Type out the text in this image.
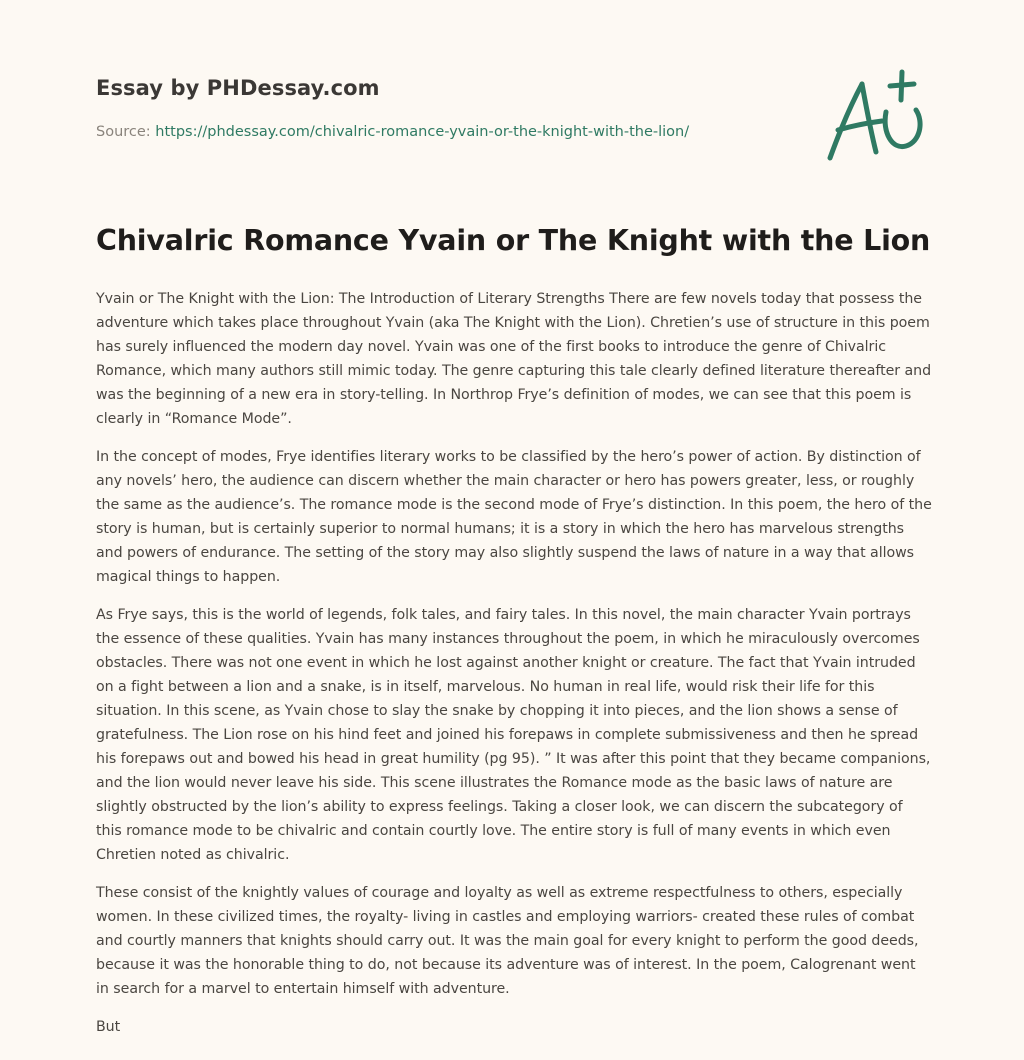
Essay by PHDessay.com
Source: https://phdessay.com/chivalric-romance-yvain-or-the-knight-with-the-lion/
Chivalric Romance Yvain or The Knight with the Lion

Yvain or The Knight with the Lion: The Introduction of Literary Strengths There are few novels today that possess the adventure which takes place throughout Yvain (aka The Knight with the Lion). Chretien’s use of structure in this poem has surely influenced the modern day novel. Yvain was one of the first books to introduce the genre of Chivalric Romance, which many authors still mimic today. The genre capturing this tale clearly defined literature thereafter and was the beginning of a new era in story-telling. In Northrop Frye’s definition of modes, we can see that this poem is clearly in “Romance Mode”.

In the concept of modes, Frye identifies literary works to be classified by the hero’s power of action. By distinction of any novels’ hero, the audience can discern whether the main character or hero has powers greater, less, or roughly the same as the audience’s. The romance mode is the second mode of Frye’s distinction. In this poem, the hero of the story is human, but is certainly superior to normal humans; it is a story in which the hero has marvelous strengths and powers of endurance. The setting of the story may also slightly suspend the laws of nature in a way that allows magical things to happen.

As Frye says, this is the world of legends, folk tales, and fairy tales. In this novel, the main character Yvain portrays the essence of these qualities. Yvain has many instances throughout the poem, in which he miraculously overcomes obstacles. There was not one event in which he lost against another knight or creature. The fact that Yvain intruded on a fight between a lion and a snake, is in itself, marvelous. No human in real life, would risk their life for this situation. In this scene, as Yvain chose to slay the snake by chopping it into pieces, and the lion shows a sense of gratefulness. The Lion rose on his hind feet and joined his forepaws in complete submissiveness and then he spread his forepaws out and bowed his head in great humility (pg 95). ” It was after this point that they became companions, and the lion would never leave his side. This scene illustrates the Romance mode as the basic laws of nature are slightly obstructed by the lion’s ability to express feelings. Taking a closer look, we can discern the subcategory of this romance mode to be chivalric and contain courtly love. The entire story is full of many events in which even Chretien noted as chivalric.

These consist of the knightly values of courage and loyalty as well as extreme respectfulness to others, especially women. In these civilized times, the royalty- living in castles and employing warriors- created these rules of combat and courtly manners that knights should carry out. It was the main goal for every knight to perform the good deeds, because it was the honorable thing to do, not because its adventure was of interest. In the poem, Calogrenant went in search for a marvel to entertain himself with adventure.

But
